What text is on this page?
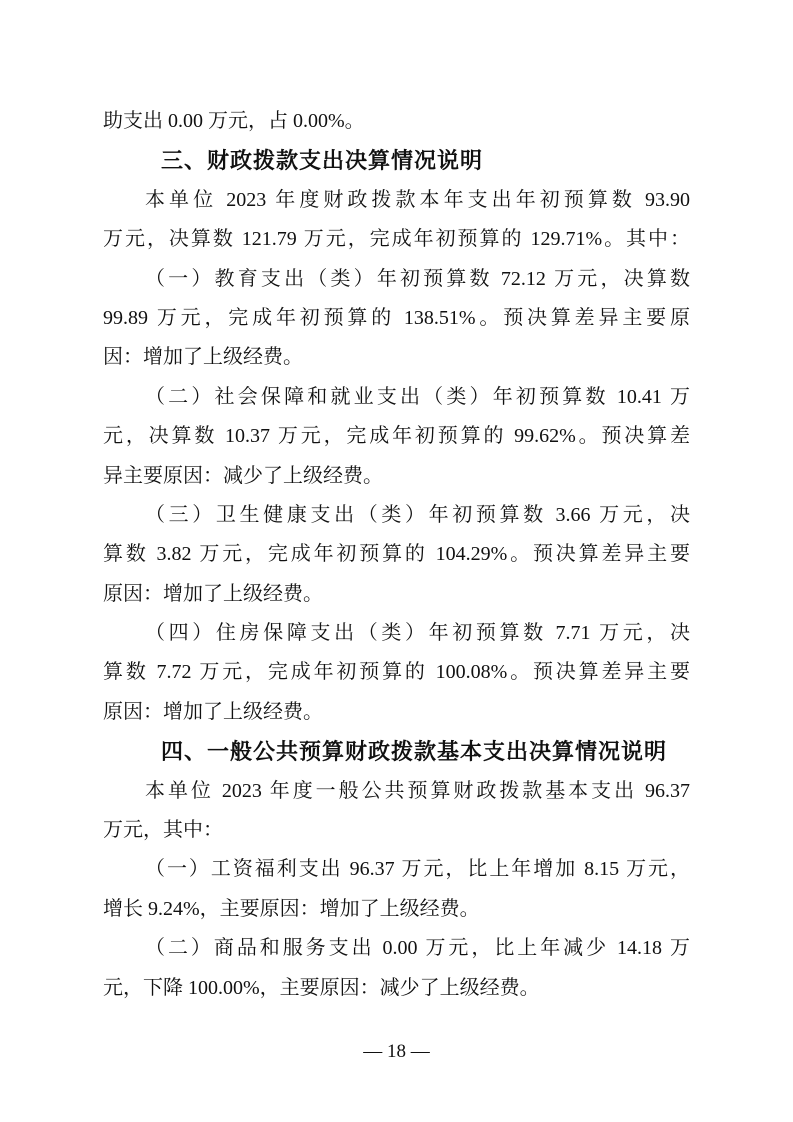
助支出 0.00 万元，占 0.00%。
三、财政拨款支出决算情况说明
本单位 2023 年度财政拨款本年支出年初预算数 93.90
万元，决算数 121.79 万元，完成年初预算的 129.71%。其中：
（一）教育支出（类）年初预算数 72.12 万元，决算数
99.89 万元，完成年初预算的 138.51%。预决算差异主要原
因：增加了上级经费。
（二）社会保障和就业支出（类）年初预算数 10.41 万
元，决算数 10.37 万元，完成年初预算的 99.62%。预决算差
异主要原因：减少了上级经费。
（三）卫生健康支出（类）年初预算数 3.66 万元，决
算数 3.82 万元，完成年初预算的 104.29%。预决算差异主要
原因：增加了上级经费。
（四）住房保障支出（类）年初预算数 7.71 万元，决
算数 7.72 万元，完成年初预算的 100.08%。预决算差异主要
原因：增加了上级经费。
四、一般公共预算财政拨款基本支出决算情况说明
本单位 2023 年度一般公共预算财政拨款基本支出 96.37
万元，其中：
（一）工资福利支出 96.37 万元，比上年增加 8.15 万元，
增长 9.24%，主要原因：增加了上级经费。
（二）商品和服务支出 0.00 万元，比上年减少 14.18 万
元，下降 100.00%，主要原因：减少了上级经费。
— 18 —
